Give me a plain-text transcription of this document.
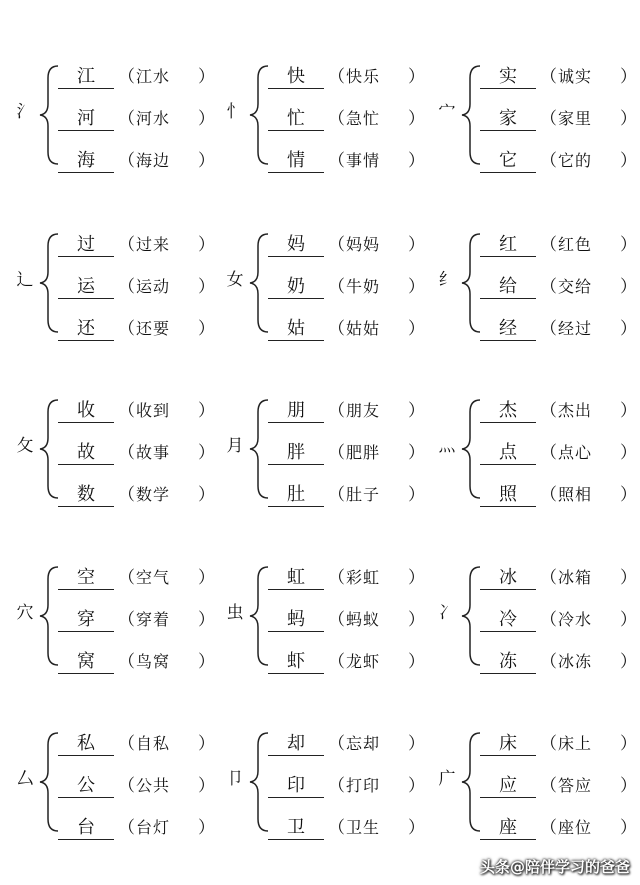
氵
江	（ 江水 ）
河	（ 河水 ）
海	（ 海边 ）
忄
快	（ 快乐 ）
忙	（ 急忙 ）
情	（ 事情 ）
宀
实	（ 诚实 ）
家	（ 家里 ）
它	（ 它的 ）
辶
过	（ 过来 ）
运	（ 运动 ）
还	（ 还要 ）
女
妈	（ 妈妈 ）
奶	（ 牛奶 ）
姑	（ 姑姑 ）
纟
红	（ 红色 ）
给	（ 交给 ）
经	（ 经过 ）
攵
收	（ 收到 ）
故	（ 故事 ）
数	（ 数学 ）
月
朋	（ 朋友 ）
胖	（ 肥胖 ）
肚	（ 肚子 ）
灬
杰	（ 杰出 ）
点	（ 点心 ）
照	（ 照相 ）
穴
空	（ 空气 ）
穿	（ 穿着 ）
窝	（ 鸟窝 ）
虫
虹	（ 彩虹 ）
蚂	（ 蚂蚁 ）
虾	（ 龙虾 ）
冫
冰	（ 冰箱 ）
冷	（ 冷水 ）
冻	（ 冰冻 ）
厶
私	（ 自私 ）
公	（ 公共 ）
台	（ 台灯 ）
卩
却	（ 忘却 ）
印	（ 打印 ）
卫	（ 卫生 ）
广
床	（ 床上 ）
应	（ 答应 ）
座	（ 座位 ）
头条@陪伴学习的爸爸
